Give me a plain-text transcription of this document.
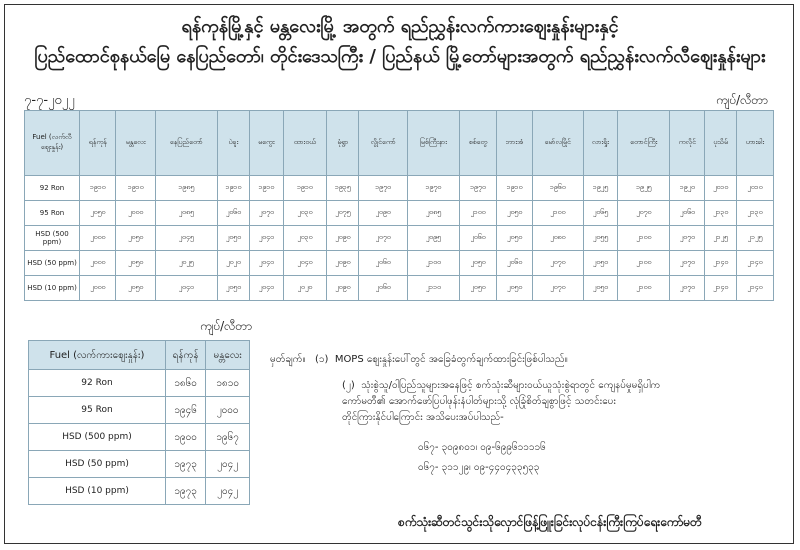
ရန်ကုန်မြို့နှင့် မန္တလေးမြို့ အတွက် ရည်ညွှန်းလက်ကားဈေးနှုန်းများနှင့်
ပြည်ထောင်စုနယ်မြေ နေပြည်တော်၊ တိုင်းဒေသကြီး / ပြည်နယ် မြို့တော်များအတွက် ရည်ညွှန်းလက်လီဈေးနှုန်းများ
၇-၇-၂၀၂၂	ကျပ်/လီတာ
Fuel (လက်လီဈေးနှုန်း)	ရန်ကုန်	မန္တလေး	နေပြည်တော်	ပဲခူး	မကွေး	ထားဝယ်	မုံရွာ	လွိုင်ကော်	မြစ်ကြီးနား	စစ်တွေ	ဘားအံ	မော်လမြိုင်	လားရှိုး	တောင်ကြီး	ကလိုင်	ပုသိမ်	ဟားခါး
92 Ron	၁၉၁၀	၁၉၁၀	၁၉၈၅	၁၉၁၀	၁၉၁၀	၁၉၁၀	၁၉၃၅	၁၉၇၀	၁၉၇၀	၁၉၇၀	၁၉၁၀	၁၉၆၀	၁၉၂၅	၁၉၂၅	၁၉၂၀	၂၀၁၀	၂၀၁၀
95 Ron	၂၀၅၀	၂၀၀၀	၂၀၈၅	၂၀၆၀	၂၀၇၀	၂၀၃၀	၂၀၇၅	၂၀၉၀	၂၀၈၅	၂၁၀၀	၂၀၅၀	၂၁၀၀	၂၀၆၅	၂၀၇၀	၂၀၆၀	၂၁၃၀	၂၁၃၀
HSD (500 ppm)	၂၀၀၀	၂၀၅၀	၂၀၄၅	၂၀၅၀	၂၀၄၀	၂၀၃၀	၂၀၉၀	၂၀၇၀	၂၀၉၅	၂၀၆၀	၂၀၅၀	၂၀၈၀	၂၀၅၅	၂၁၀၀	၂၀၇၀	၂၁၂၅	၂၁၂၅
HSD (50 ppm)	၂၀၀၀	၂၀၅၀	၂၀၂၅	၂၀၂၀	၂၀၄၀	၂၀၄၀	၂၀၉၀	၂၀၆၀	၂၁၀၀	၂၀၅၀	၂၀၆၀	၂၀၇၀	၂၀၅၀	၂၁၀၀	၂၀၇၀	၂၁၄၀	၂၁၄၀
HSD (10 ppm)	၂၀၀၀	၂၀၅၀	၂၀၄၀	၂၀၅၀	၂၀၄၀	၂၀၂၀	၂၀၉၀	၂၀၆၀	၂၁၁၀	၂၀၅၀	၂၀၅၀	၂၀၇၀	၂၀၅၀	၂၁၀၀	၂၀၇၀	၂၁၄၀	၂၁၄၀
ကျပ်/လီတာ
Fuel (လက်ကားဈေးနှုန်း)	ရန်ကုန်	မန္တလေး
92 Ron	၁၈၆၀	၁၈၁၀
95 Ron	၁၉၄၆	၂၀၀၀
HSD (500 ppm)	၁၉၀၀	၁၉၆၇
HSD (50 ppm)	၁၉၇၃	၂၀၄၂
HSD (10 ppm)	၁၉၇၃	၂၀၄၂
မှတ်ချက်။ (၁) MOPS ဈေးနှုန်းပေါ်တွင် အခြေခံတွက်ချက်ထားခြင်းဖြစ်ပါသည်။
(၂) သုံးစွဲသူ/ဝါပြည်သူများအနေဖြင့် စက်သုံးဆီများဝယ်ယူသုံးစွဲရာတွင် ကျေနပ်မှုမရှိပါက
ကော်မတီ၏ အောက်ဖော်ပြပါဖုန်းနံပါတ်များသို့ လုံခြုံစိတ်ချစွာဖြင့် သတင်းပေး
တိုင်ကြားနိုင်ပါကြောင်း အသိပေးအပ်ပါသည်-
၀၆၇- ၃၀၉၈၀၁၊ ၀၉-၆၉၉၆၁၁၁၁၆
၀၆၇- ၃၁၁၂၉၊ ၀၉-၄၄၀၄၃၃၅၃၃
စက်သုံးဆီတင်သွင်းသိုလှောင်ဖြန့်ဖြူးခြင်းလုပ်ငန်းကြီးကြပ်ရေးကော်မတီ
